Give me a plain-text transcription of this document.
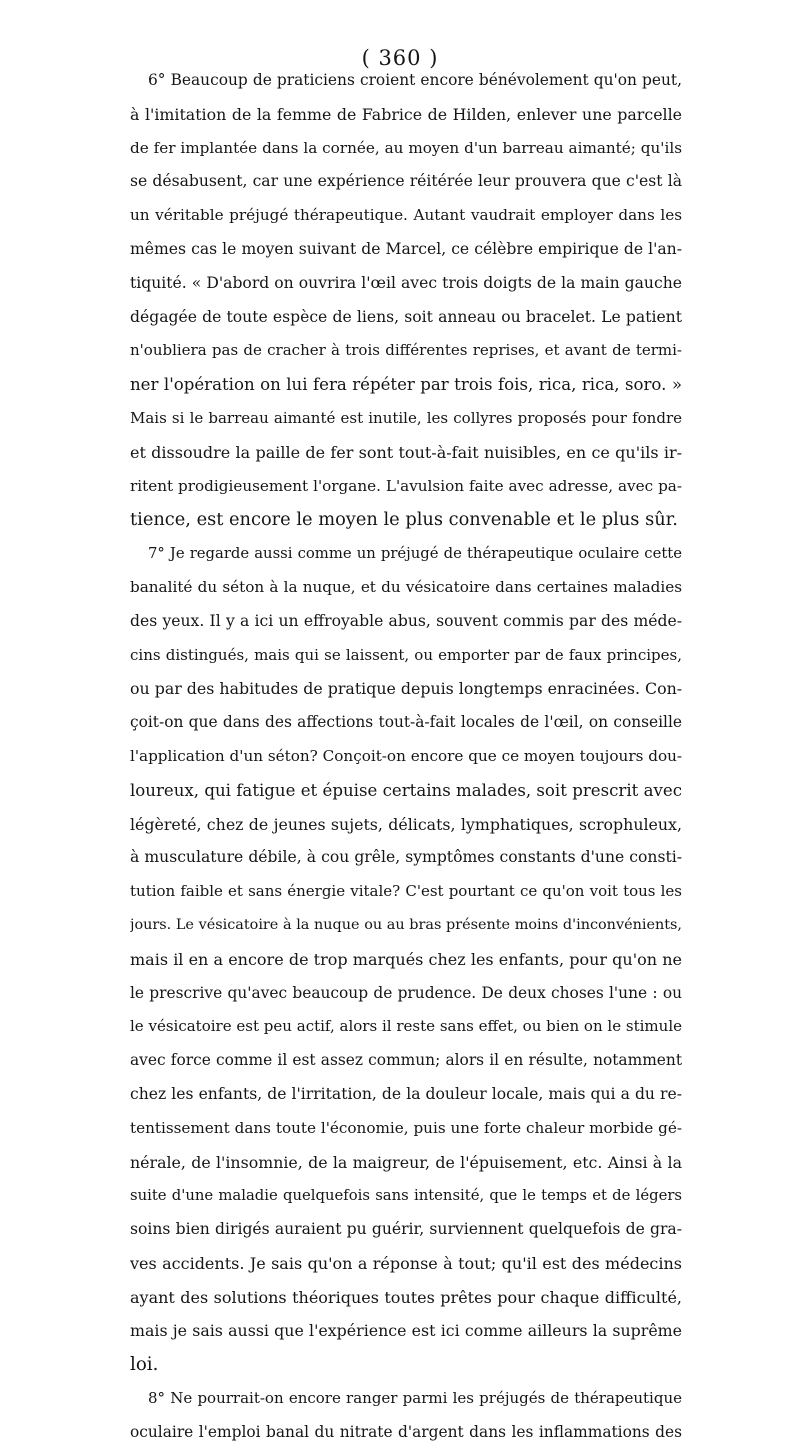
( 360 )
6° Beaucoup de praticiens croient encore bénévolement qu'on peut,
à l'imitation de la femme de Fabrice de Hilden, enlever une parcelle
de fer implantée dans la cornée, au moyen d'un barreau aimanté; qu'ils
se désabusent, car une expérience réitérée leur prouvera que c'est là
un véritable préjugé thérapeutique. Autant vaudrait employer dans les
mêmes cas le moyen suivant de Marcel, ce célèbre empirique de l'an-
tiquité. « D'abord on ouvrira l'œil avec trois doigts de la main gauche
dégagée de toute espèce de liens, soit anneau ou bracelet. Le patient
n'oubliera pas de cracher à trois différentes reprises, et avant de termi-
ner l'opération on lui fera répéter par trois fois, rica, rica, soro. »
Mais si le barreau aimanté est inutile, les collyres proposés pour fondre
et dissoudre la paille de fer sont tout-à-fait nuisibles, en ce qu'ils ir-
ritent prodigieusement l'organe. L'avulsion faite avec adresse, avec pa-
tience, est encore le moyen le plus convenable et le plus sûr.
7° Je regarde aussi comme un préjugé de thérapeutique oculaire cette
banalité du séton à la nuque, et du vésicatoire dans certaines maladies
des yeux. Il y a ici un effroyable abus, souvent commis par des méde-
cins distingués, mais qui se laissent, ou emporter par de faux principes,
ou par des habitudes de pratique depuis longtemps enracinées. Con-
çoit-on que dans des affections tout-à-fait locales de l'œil, on conseille
l'application d'un séton? Conçoit-on encore que ce moyen toujours dou-
loureux, qui fatigue et épuise certains malades, soit prescrit avec
légèreté, chez de jeunes sujets, délicats, lymphatiques, scrophuleux,
à musculature débile, à cou grêle, symptômes constants d'une consti-
tution faible et sans énergie vitale? C'est pourtant ce qu'on voit tous les
jours. Le vésicatoire à la nuque ou au bras présente moins d'inconvénients,
mais il en a encore de trop marqués chez les enfants, pour qu'on ne
le prescrive qu'avec beaucoup de prudence. De deux choses l'une : ou
le vésicatoire est peu actif, alors il reste sans effet, ou bien on le stimule
avec force comme il est assez commun; alors il en résulte, notamment
chez les enfants, de l'irritation, de la douleur locale, mais qui a du re-
tentissement dans toute l'économie, puis une forte chaleur morbide gé-
nérale, de l'insomnie, de la maigreur, de l'épuisement, etc. Ainsi à la
suite d'une maladie quelquefois sans intensité, que le temps et de légers
soins bien dirigés auraient pu guérir, surviennent quelquefois de gra-
ves accidents. Je sais qu'on a réponse à tout; qu'il est des médecins
ayant des solutions théoriques toutes prêtes pour chaque difficulté,
mais je sais aussi que l'expérience est ici comme ailleurs la suprême
loi.
8° Ne pourrait-on encore ranger parmi les préjugés de thérapeutique
oculaire l'emploi banal du nitrate d'argent dans les inflammations des
